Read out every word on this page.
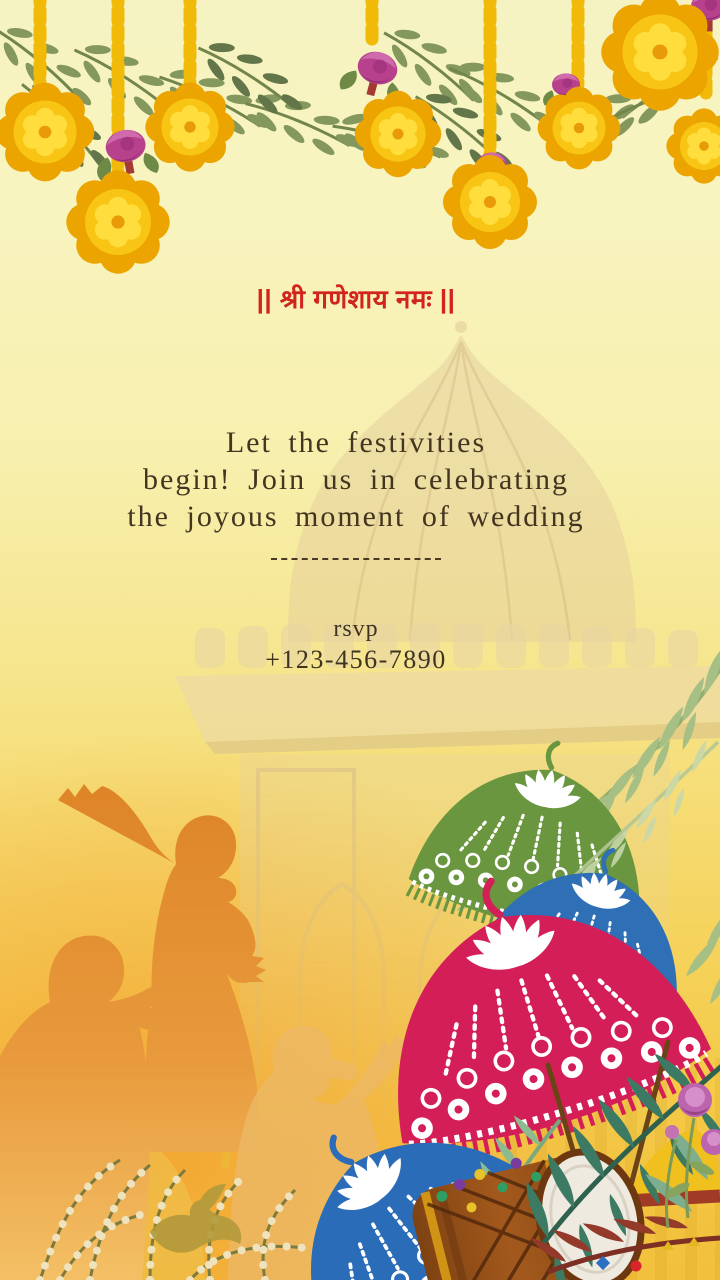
|| श्री गणेशाय नमः ||
Let the festivities
begin! Join us in celebrating
the joyous moment of wedding
rsvp
+123-456-7890
